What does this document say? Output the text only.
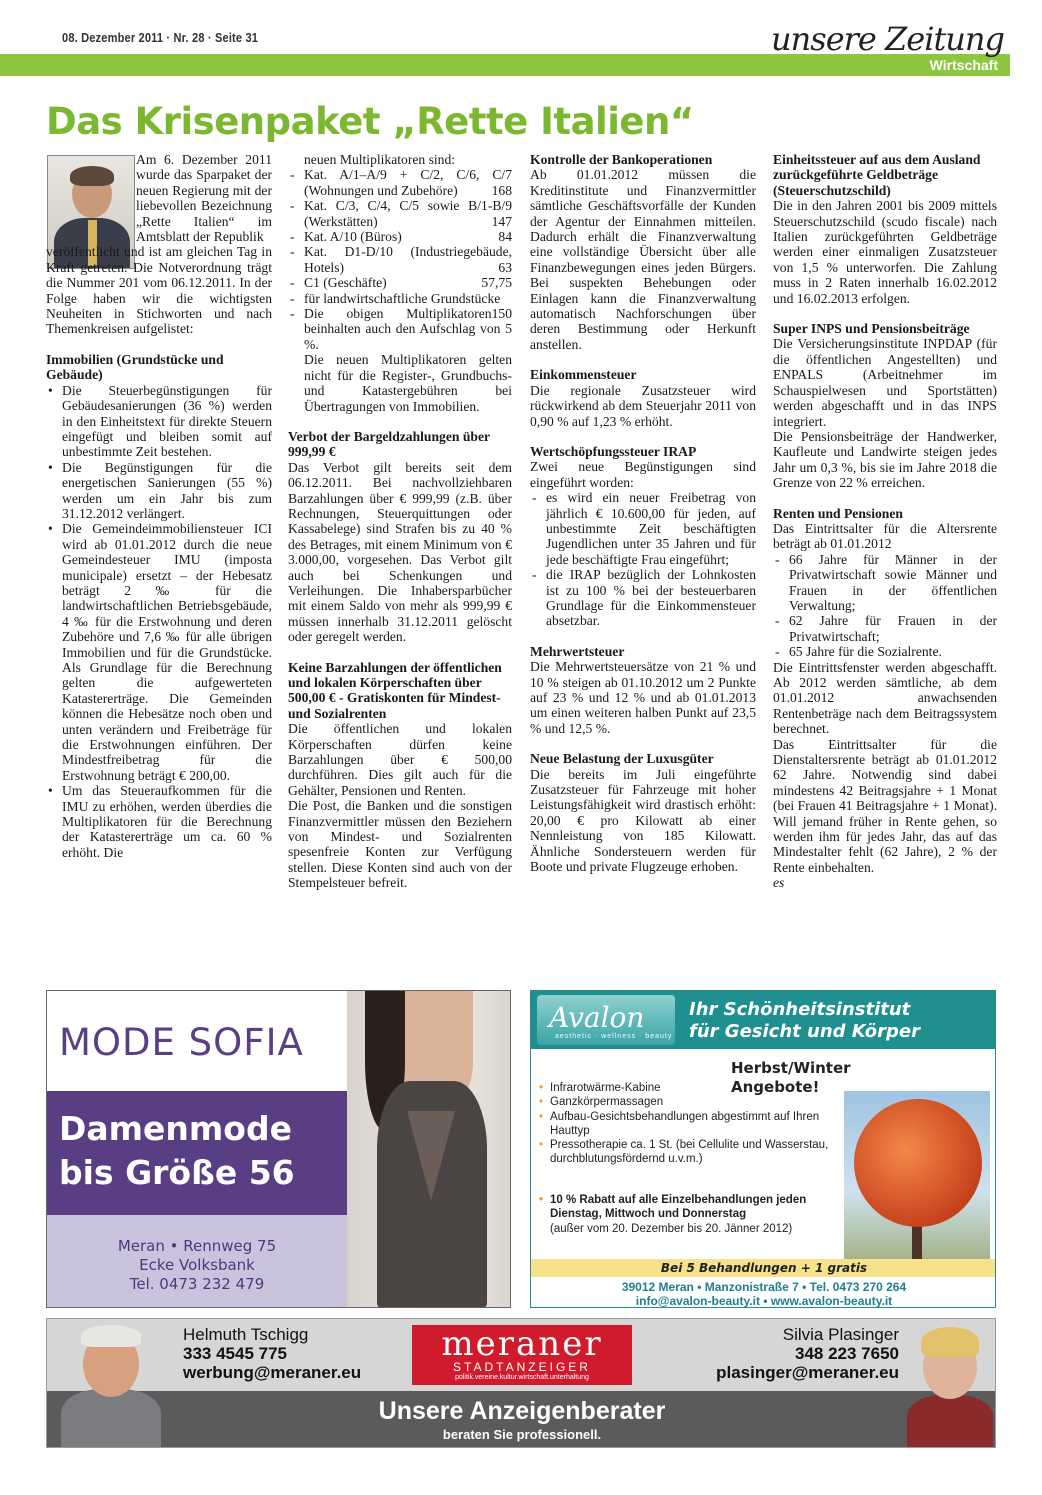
08. Dezember 2011 · Nr. 28 · Seite 31	unsere Zeitung
Wirtschaft
Das Krisenpaket „Rette Italien“

Am 6. Dezember 2011 wurde das Sparpaket der neuen Regierung mit der liebevollen Bezeichnung „Rette Italien“ im Amtsblatt der Republik

veröffentlicht und ist am gleichen Tag in Kraft getreten. Die Notverordnung trägt die Nummer 201 vom 06.12.2011. In der Folge haben wir die wichtigsten Neuheiten in Stichworten und nach Themenkreisen aufgelistet:

Immobilien (Grundstücke und Gebäude)
• Die Steuerbegünstigungen für Gebäudesanierungen (36 %) werden in den Einheitstext für direkte Steuern eingefügt und bleiben somit auf unbestimmte Zeit bestehen.
• Die Begünstigungen für die energetischen Sanierungen (55 %) werden um ein Jahr bis zum 31.12.2012 verlängert.
• Die Gemeindeimmobiliensteuer ICI wird ab 01.01.2012 durch die neue Gemeindesteuer IMU (imposta municipale) ersetzt – der Hebesatz beträgt 2 ‰ für die landwirtschaftlichen Betriebsgebäude, 4 ‰ für die Erstwohnung und deren Zubehöre und 7,6 ‰ für alle übrigen Immobilien und für die Grundstücke. Als Grundlage für die Berechnung gelten die aufgewerteten Katastererträge. Die Gemeinden können die Hebesätze noch oben und unten verändern und Freibeträge für die Erstwohnungen einführen. Der Mindestfreibetrag für die Erstwohnung beträgt € 200,00.
• Um das Steueraufkommen für die IMU zu erhöhen, werden überdies die Multiplikatoren für die Berechnung der Katastererträge um ca. 60 % erhöht. Die

neuen Multiplikatoren sind:

- Kat. A/1–A/9 + C/2, C/6, C/7 (Wohnungen und Zubehöre) 168
- Kat. C/3, C/4, C/5 sowie B/1-B/9 (Werkstätten)	147
- Kat. A/10 (Büros)	84
- Kat. D1-D/10 (Industriegebäude, Hotels)	63
- C1 (Geschäfte)	57,75
- für landwirtschaftliche Grundstücke
150
- Die obigen Multiplikatoren beinhalten auch den Aufschlag von 5 %.

Die neuen Multiplikatoren gelten nicht für die Register-, Grundbuchs- und Katastergebühren bei Übertragungen von Immobilien.

Verbot der Bargeldzahlungen über 999,99 €

Das Verbot gilt bereits seit dem 06.12.2011. Bei nachvollziehbaren Barzahlungen über € 999,99 (z.B. über Rechnungen, Steuerquittungen oder Kassabelege) sind Strafen bis zu 40 % des Betrages, mit einem Minimum von € 3.000,00, vorgesehen. Das Verbot gilt auch bei Schenkungen und Verleihungen. Die Inhabersparbücher mit einem Saldo von mehr als 999,99 € müssen innerhalb 31.12.2011 gelöscht oder geregelt werden.

Keine Barzahlungen der öffentlichen und lokalen Körperschaften über 500,00 € - Gratiskonten für Mindest- und Sozialrenten

Die öffentlichen und lokalen Körperschaften dürfen keine Barzahlungen über € 500,00 durchführen. Dies gilt auch für die Gehälter, Pensionen und Renten.

Die Post, die Banken und die sonstigen Finanzvermittler müssen den Beziehern von Mindest- und Sozialrenten spesenfreie Konten zur Verfügung stellen. Diese Konten sind auch von der Stempelsteuer befreit.

Kontrolle der Bankoperationen

Ab 01.01.2012 müssen die Kreditinstitute und Finanzvermittler sämtliche Geschäftsvorfälle der Kunden der Agentur der Einnahmen mitteilen. Dadurch erhält die Finanzverwaltung eine vollständige Übersicht über alle Finanzbewegungen eines jeden Bürgers. Bei suspekten Behebungen oder Einlagen kann die Finanzverwaltung automatisch Nachforschungen über deren Bestimmung oder Herkunft anstellen.

Einkommensteuer

Die regionale Zusatzsteuer wird rückwirkend ab dem Steuerjahr 2011 von 0,90 % auf 1,23 % erhöht.

Wertschöpfungssteuer IRAP

Zwei neue Begünstigungen sind eingeführt worden:

- es wird ein neuer Freibetrag von jährlich € 10.600,00 für jeden, auf unbestimmte Zeit beschäftigten Jugendlichen unter 35 Jahren und für jede beschäftigte Frau eingeführt;
- die IRAP bezüglich der Lohnkosten ist zu 100 % bei der besteuerbaren Grundlage für die Einkommensteuer absetzbar.
Mehrwertsteuer

Die Mehrwertsteuersätze von 21 % und 10 % steigen ab 01.10.2012 um 2 Punkte auf 23 % und 12 % und ab 01.01.2013 um einen weiteren halben Punkt auf 23,5 % und 12,5 %.

Neue Belastung der Luxusgüter

Die bereits im Juli eingeführte Zusatzsteuer für Fahrzeuge mit hoher Leistungsfähigkeit wird drastisch erhöht: 20,00 € pro Kilowatt ab einer Nennleistung von 185 Kilowatt. Ähnliche Sondersteuern werden für Boote und private Flugzeuge erhoben.

Einheitssteuer auf aus dem Ausland zurückgeführte Geldbeträge (Steuerschutzschild)

Die in den Jahren 2001 bis 2009 mittels Steuerschutzschild (scudo fiscale) nach Italien zurückgeführten Geldbeträge werden einer einmaligen Zusatzsteuer von 1,5 % unterworfen. Die Zahlung muss in 2 Raten innerhalb 16.02.2012 und 16.02.2013 erfolgen.

Super INPS und Pensionsbeiträge

Die Versicherungsinstitute INPDAP (für die öffentlichen Angestellten) und ENPALS (Arbeitnehmer im Schauspielwesen und Sportstätten) werden abgeschafft und in das INPS integriert.

Die Pensionsbeiträge der Handwerker, Kaufleute und Landwirte steigen jedes Jahr um 0,3 %, bis sie im Jahre 2018 die Grenze von 22 % erreichen.

Renten und Pensionen

Das Eintrittsalter für die Altersrente beträgt ab 01.01.2012

- 66 Jahre für Männer in der Privatwirtschaft sowie Männer und Frauen in der öffentlichen Verwaltung;
- 62 Jahre für Frauen in der Privatwirtschaft;
- 65 Jahre für die Sozialrente.

Die Eintrittsfenster werden abgeschafft. Ab 2012 werden sämtliche, ab dem 01.01.2012 anwachsenden Rentenbeträge nach dem Beitragssystem berechnet.

Das Eintrittsalter für die Dienstaltersrente beträgt ab 01.01.2012 62 Jahre. Notwendig sind dabei mindestens 42 Beitragsjahre + 1 Monat (bei Frauen 41 Beitragsjahre + 1 Monat). Will jemand früher in Rente gehen, so werden ihm für jedes Jahr, das auf das Mindestalter fehlt (62 Jahre), 2 % der Rente einbehalten.

es

MODE SOFIA
Damenmode
bis Größe 56
Meran • Rennweg 75
Ecke Volksbank
Tel. 0473 232 479
Avalon
aesthetic · wellness · beauty
Ihr Schönheitsinstitut
für Gesicht und Körper
Herbst/Winter
Angebote!
• Infrarotwärme-Kabine
• Ganzkörpermassagen
• Aufbau-Gesichtsbehandlungen abgestimmt auf Ihren Hauttyp
• Pressotherapie ca. 1 St. (bei Cellulite und Wasserstau, durchblutungsfördernd u.v.m.)
• 10 % Rabatt auf alle Einzelbehandlungen jeden Dienstag, Mittwoch und Donnerstag
(außer vom 20. Dezember bis 20. Jänner 2012)
Bei 5 Behandlungen + 1 gratis
39012 Meran • Manzonistraße 7 • Tel. 0473 270 264
info@avalon-beauty.it • www.avalon-beauty.it
Helmuth Tschigg
333 4545 775
werbung@meraner.eu
meraner
STADTANZEIGER
politik.vereine.kultur.wirtschaft.unterhaltung
Silvia Plasinger
348 223 7650
plasinger@meraner.eu
Unsere Anzeigenberater
beraten Sie professionell.
